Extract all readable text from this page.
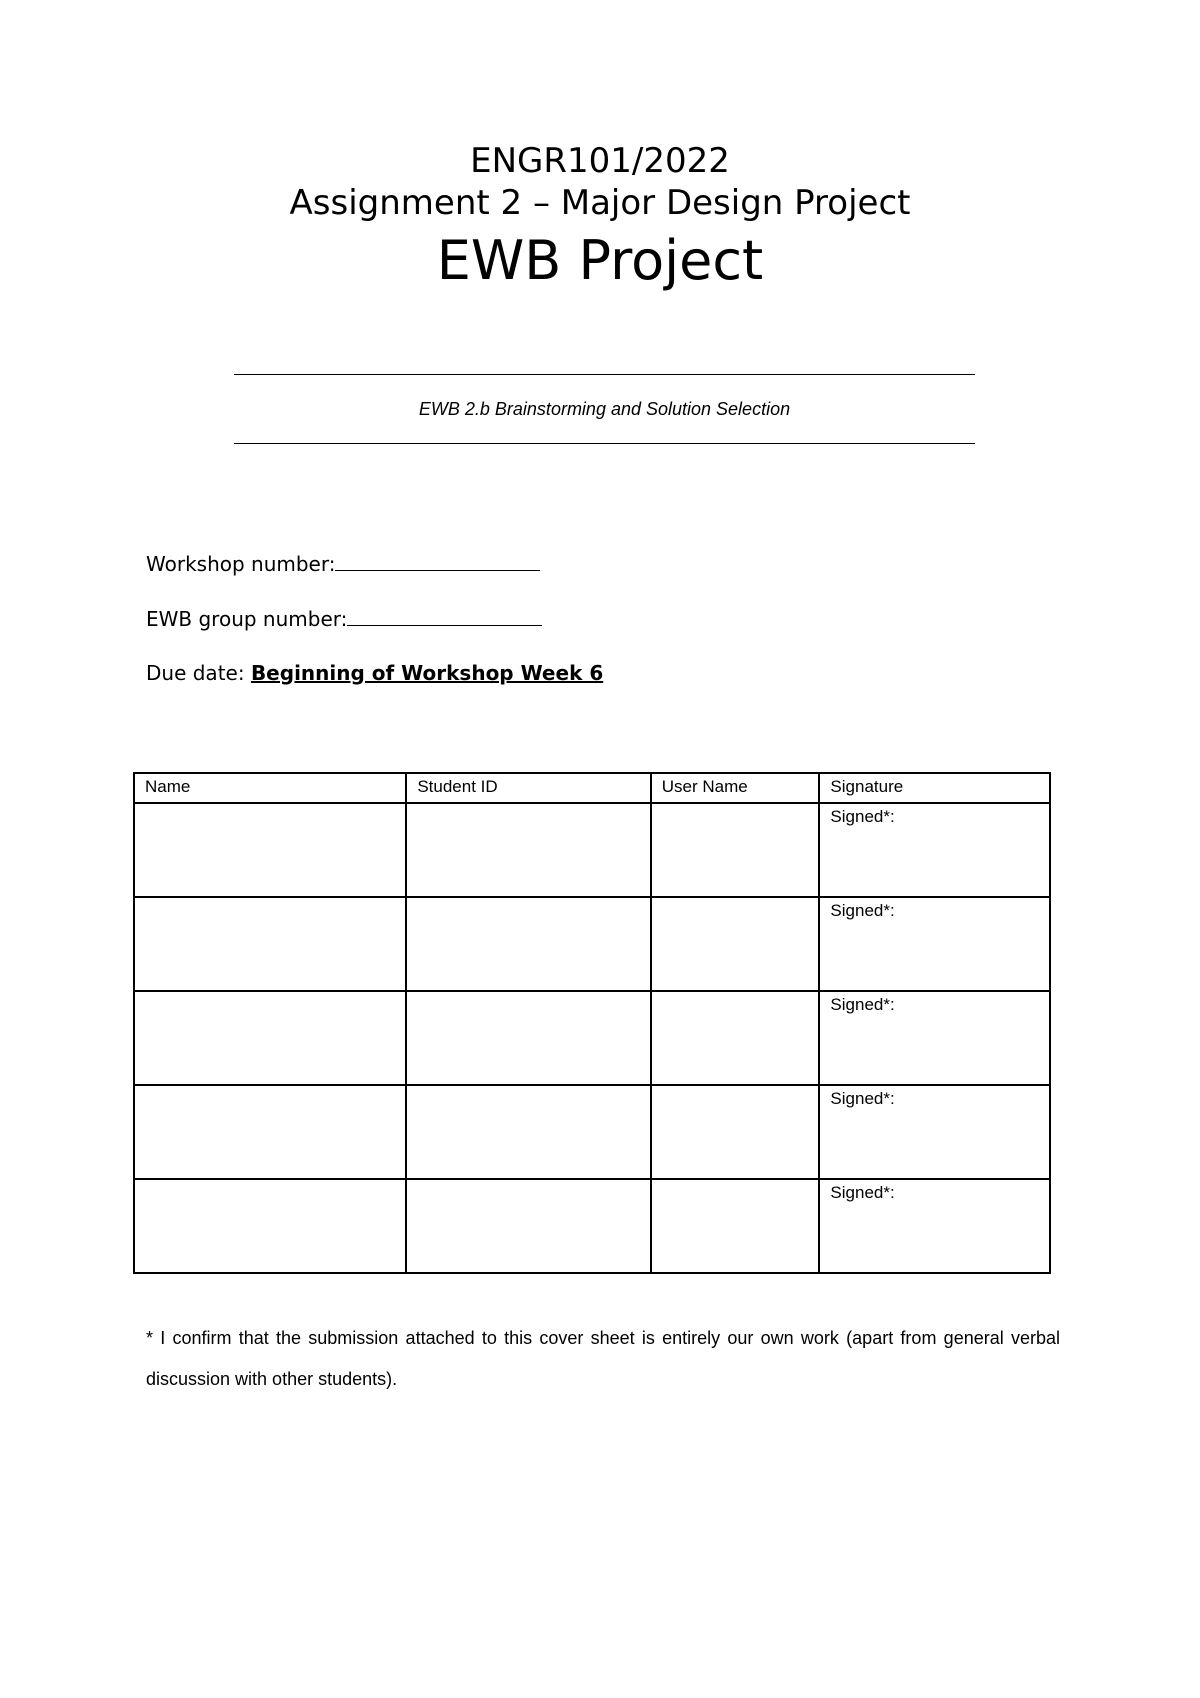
ENGR101/2022
Assignment 2 – Major Design Project
EWB Project
EWB 2.b Brainstorming and Solution Selection
Workshop number:
EWB group number:
Due date: Beginning of Workshop Week 6
Name	Student ID	User Name	Signature
			Signed*:
			Signed*:
			Signed*:
			Signed*:
			Signed*:
* I confirm that the submission attached to this cover sheet is entirely our own work (apart from general verbal discussion with other students).
